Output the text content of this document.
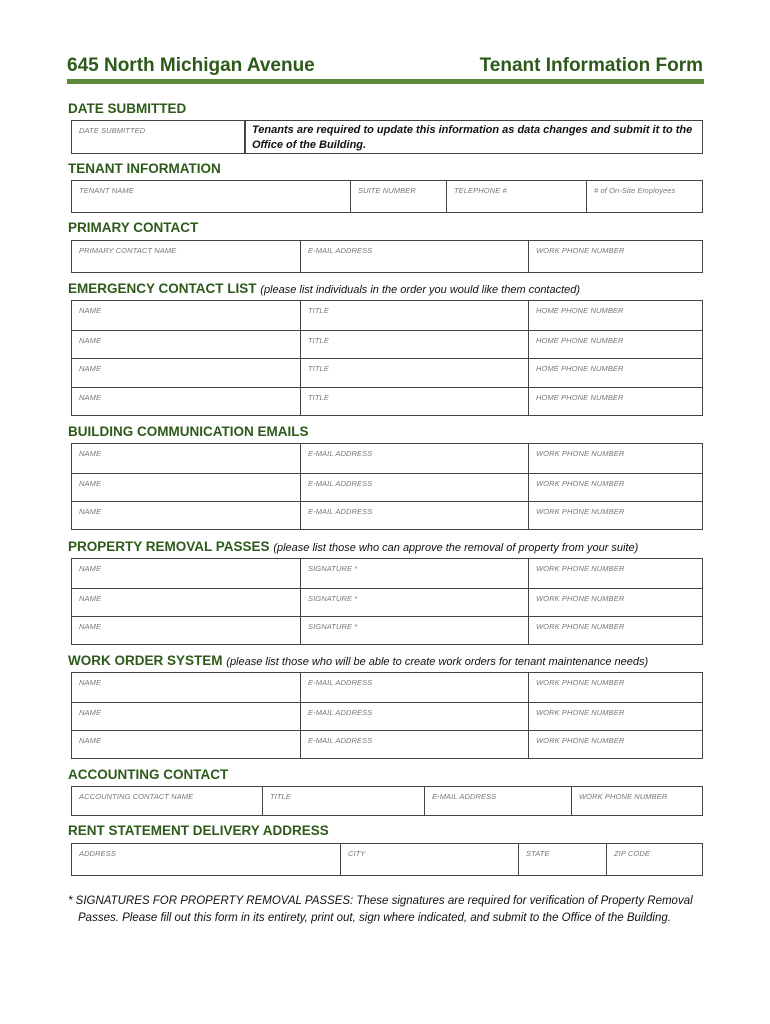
645 North Michigan Avenue	Tenant Information Form
DATE SUBMITTED
DATE SUBMITTED	Tenants are required to update this information as data changes and submit it to the Office of the Building.
TENANT INFORMATION
TENANT NAME	SUITE NUMBER	TELEPHONE #	# of On-Site Employees
PRIMARY CONTACT
PRIMARY CONTACT NAME	E-MAIL ADDRESS	WORK PHONE NUMBER
EMERGENCY CONTACT LIST (please list individuals in the order you would like them contacted)
NAME	TITLE	HOME PHONE NUMBER
NAME	TITLE	HOME PHONE NUMBER
NAME	TITLE	HOME PHONE NUMBER
NAME	TITLE	HOME PHONE NUMBER
BUILDING COMMUNICATION EMAILS
NAME	E-MAIL ADDRESS	WORK PHONE NUMBER
NAME	E-MAIL ADDRESS	WORK PHONE NUMBER
NAME	E-MAIL ADDRESS	WORK PHONE NUMBER
PROPERTY REMOVAL PASSES (please list those who can approve the removal of property from your suite)
NAME	SIGNATURE *	WORK PHONE NUMBER
NAME	SIGNATURE *	WORK PHONE NUMBER
NAME	SIGNATURE *	WORK PHONE NUMBER
WORK ORDER SYSTEM (please list those who will be able to create work orders for tenant maintenance needs)
NAME	E-MAIL ADDRESS	WORK PHONE NUMBER
NAME	E-MAIL ADDRESS	WORK PHONE NUMBER
NAME	E-MAIL ADDRESS	WORK PHONE NUMBER
ACCOUNTING CONTACT
ACCOUNTING CONTACT NAME	TITLE	E-MAIL ADDRESS	WORK PHONE NUMBER
RENT STATEMENT DELIVERY ADDRESS
ADDRESS	CITY	STATE	ZIP CODE
* SIGNATURES FOR PROPERTY REMOVAL PASSES: These signatures are required for verification of Property Removal
Passes. Please fill out this form in its entirety, print out, sign where indicated, and submit to the Office of the Building.
